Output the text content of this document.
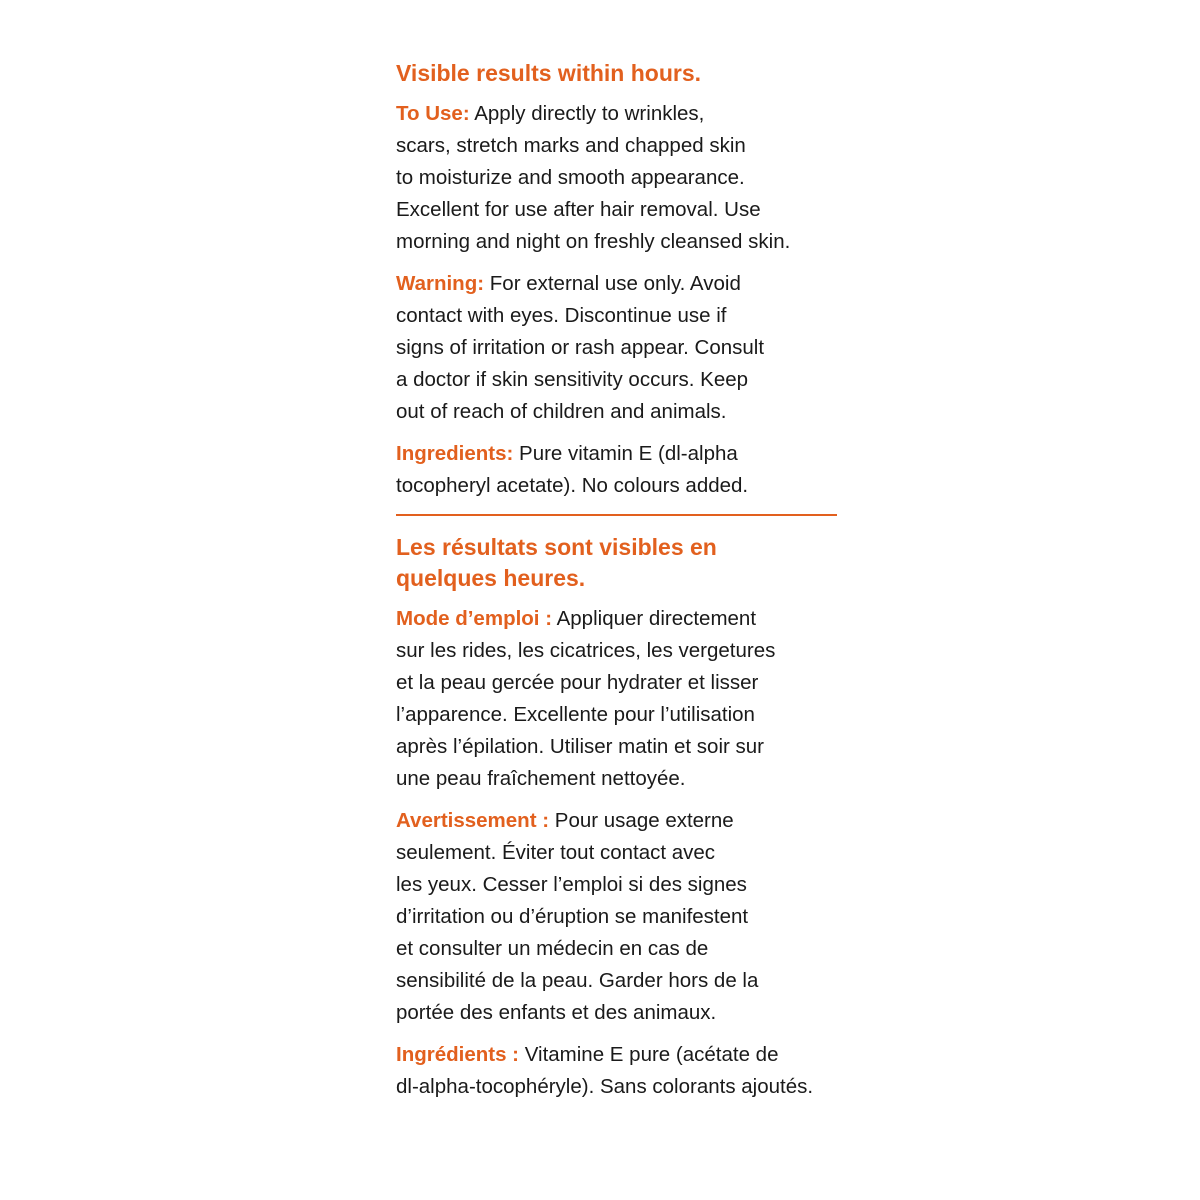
Visible results within hours.

To Use: Apply directly to wrinkles,
scars, stretch marks and chapped skin
to moisturize and smooth appearance.
Excellent for use after hair removal. Use
morning and night on freshly cleansed skin.

Warning: For external use only. Avoid
contact with eyes. Discontinue use if
signs of irritation or rash appear. Consult
a doctor if skin sensitivity occurs. Keep
out of reach of children and animals.

Ingredients: Pure vitamin E (dl-alpha
tocopheryl acetate). No colours added.

Les résultats sont visibles en
quelques heures.

Mode d’emploi : Appliquer directement
sur les rides, les cicatrices, les vergetures
et la peau gercée pour hydrater et lisser
l’apparence. Excellente pour l’utilisation
après l’épilation. Utiliser matin et soir sur
une peau fraîchement nettoyée.

Avertissement : Pour usage externe
seulement. Éviter tout contact avec
les yeux. Cesser l’emploi si des signes
d’irritation ou d’éruption se manifestent
et consulter un médecin en cas de
sensibilité de la peau. Garder hors de la
portée des enfants et des animaux.

Ingrédients : Vitamine E pure (acétate de
dl-alpha-tocophéryle). Sans colorants ajoutés.
